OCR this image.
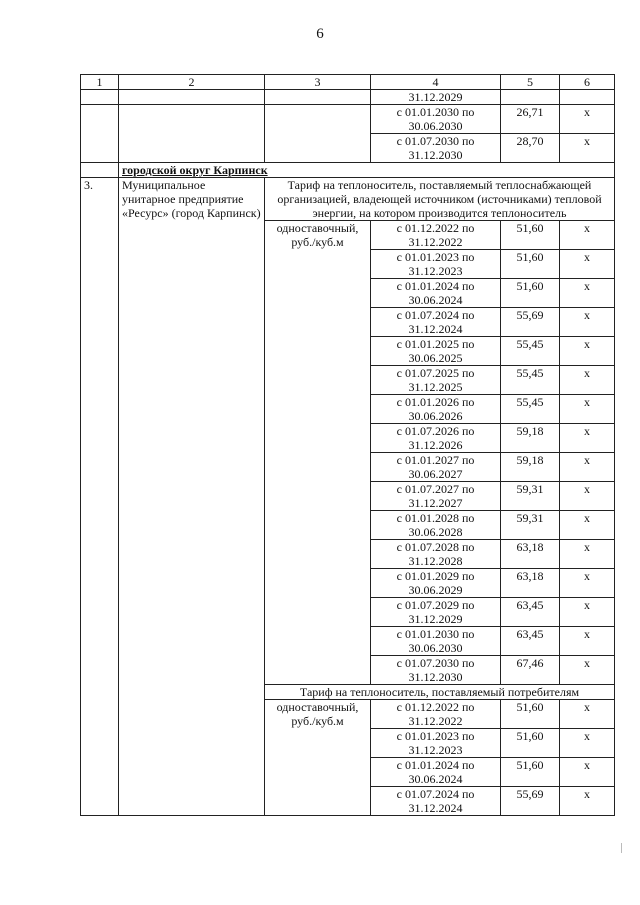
6
1	2	3	4	5	6
			31.12.2029		
			с 01.01.2030 по 30.06.2030	26,71	х
			с 01.07.2030 по 31.12.2030	28,70	х
	городской округ Карпинск				
3.	Муниципальное унитарное предприятие «Ресурс» (город Карпинск)	Тариф на теплоноситель, поставляемый теплоснабжающей организацией, владеющей источником (источниками) тепловой энергии, на котором производится теплоноситель			
		одноставочный, руб./куб.м	с 01.12.2022 по 31.12.2022	51,60	х
			с 01.01.2023 по 31.12.2023	51,60	х
			с 01.01.2024 по 30.06.2024	51,60	х
			с 01.07.2024 по 31.12.2024	55,69	х
			с 01.01.2025 по 30.06.2025	55,45	х
			с 01.07.2025 по 31.12.2025	55,45	х
			с 01.01.2026 по 30.06.2026	55,45	х
			с 01.07.2026 по 31.12.2026	59,18	х
			с 01.01.2027 по 30.06.2027	59,18	х
			с 01.07.2027 по 31.12.2027	59,31	х
			с 01.01.2028 по 30.06.2028	59,31	х
			с 01.07.2028 по 31.12.2028	63,18	х
			с 01.01.2029 по 30.06.2029	63,18	х
			с 01.07.2029 по 31.12.2029	63,45	х
			с 01.01.2030 по 30.06.2030	63,45	х
			с 01.07.2030 по 31.12.2030	67,46	х
		Тариф на теплоноситель, поставляемый потребителям			
		одноставочный, руб./куб.м	с 01.12.2022 по 31.12.2022	51,60	х
			с 01.01.2023 по 31.12.2023	51,60	х
			с 01.01.2024 по 30.06.2024	51,60	х
			с 01.07.2024 по 31.12.2024	55,69	х
